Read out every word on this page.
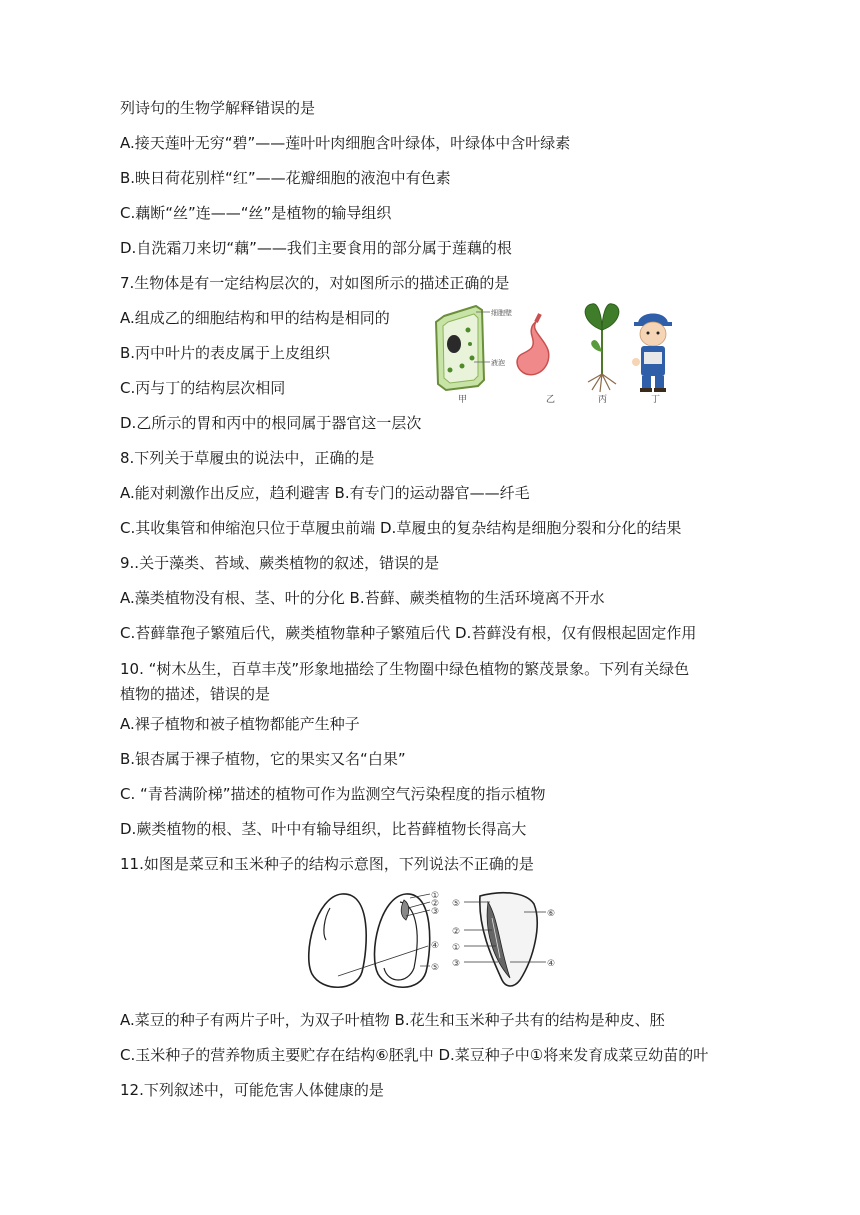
列诗句的生物学解释错误的是
A.接天莲叶无穷“碧”——莲叶叶肉细胞含叶绿体，叶绿体中含叶绿素
B.映日荷花别样“红”——花瓣细胞的液泡中有色素
C.藕断“丝”连——“丝”是植物的输导组织
D.自洗霜刀来切“藕”——我们主要食用的部分属于莲藕的根
7.生物体是有一定结构层次的，对如图所示的描述正确的是
A.组成乙的细胞结构和甲的结构是相同的
B.丙中叶片的表皮属于上皮组织
C.丙与丁的结构层次相同
D.乙所示的胃和丙中的根同属于器官这一层次
8.下列关于草履虫的说法中，正确的是
A.能对刺激作出反应，趋利避害 B.有专门的运动器官——纤毛
C.其收集管和伸缩泡只位于草履虫前端 D.草履虫的复杂结构是细胞分裂和分化的结果
9..关于藻类、苔域、蕨类植物的叙述，错误的是
A.藻类植物没有根、茎、叶的分化 B.苔藓、蕨类植物的生活环境离不开水
C.苔藓靠孢子繁殖后代，蕨类植物靠种子繁殖后代 D.苔藓没有根，仅有假根起固定作用
10. “树木丛生，百草丰茂”形象地描绘了生物圈中绿色植物的繁茂景象。下列有关绿色
植物的描述，错误的是
A.裸子植物和被子植物都能产生种子
B.银杏属于裸子植物，它的果实又名“白果”
C. “青苔满阶梯”描述的植物可作为监测空气污染程度的指示植物
D.蕨类植物的根、茎、叶中有输导组织，比苔藓植物长得高大
11.如图是菜豆和玉米种子的结构示意图，下列说法不正确的是
A.菜豆的种子有两片子叶，为双子叶植物 B.花生和玉米种子共有的结构是种皮、胚
C.玉米种子的营养物质主要贮存在结构⑥胚乳中 D.菜豆种子中①将来发育成菜豆幼苗的叶
12.下列叙述中，可能危害人体健康的是
细胞壁
液泡
甲	乙	丙	丁
①
②
③
④
⑤
⑤
②
①
③
⑥
④
